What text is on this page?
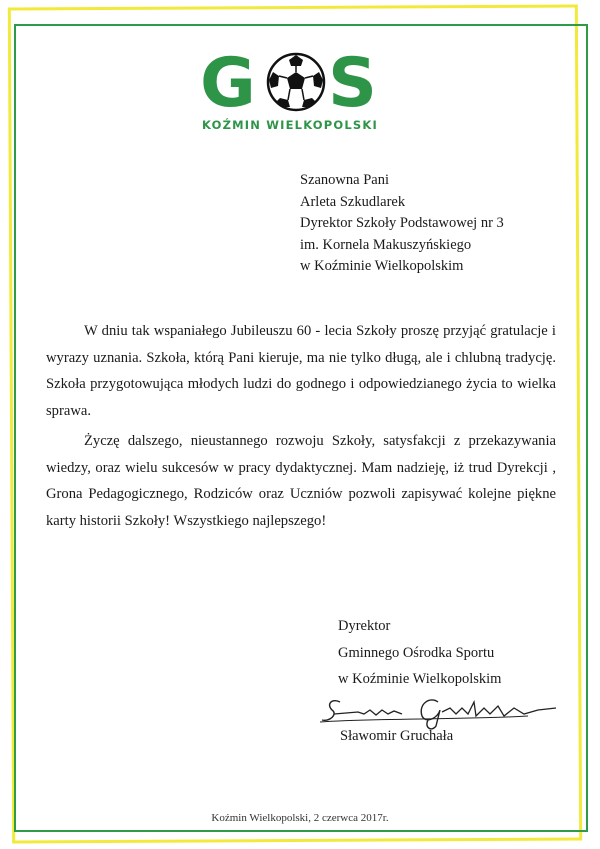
G S
KOŹMIN WIELKOPOLSKI
Szanowna Pani
Arleta Szkudlarek
Dyrektor Szkoły Podstawowej nr 3
im. Kornela Makuszyńskiego
w Koźminie Wielkopolskim

W dniu tak wspaniałego Jubileuszu 60 - lecia Szkoły proszę przyjąć gratulacje i wyrazy uznania. Szkoła, którą Pani kieruje, ma nie tylko długą, ale i chlubną tradycję. Szkoła przygotowująca młodych ludzi do godnego i odpowiedzianego życia to wielka sprawa.

Życzę dalszego, nieustannego rozwoju Szkoły, satysfakcji z przekazywania wiedzy, oraz wielu sukcesów w pracy dydaktycznej. Mam nadzieję, iż trud Dyrekcji , Grona Pedagogicznego, Rodziców oraz Uczniów pozwoli zapisywać kolejne piękne karty historii Szkoły! Wszystkiego najlepszego!

Dyrektor
Gminnego Ośrodka Sportu
w Koźminie Wielkopolskim
Sławomir Gruchała
Koźmin Wielkopolski, 2 czerwca 2017r.
